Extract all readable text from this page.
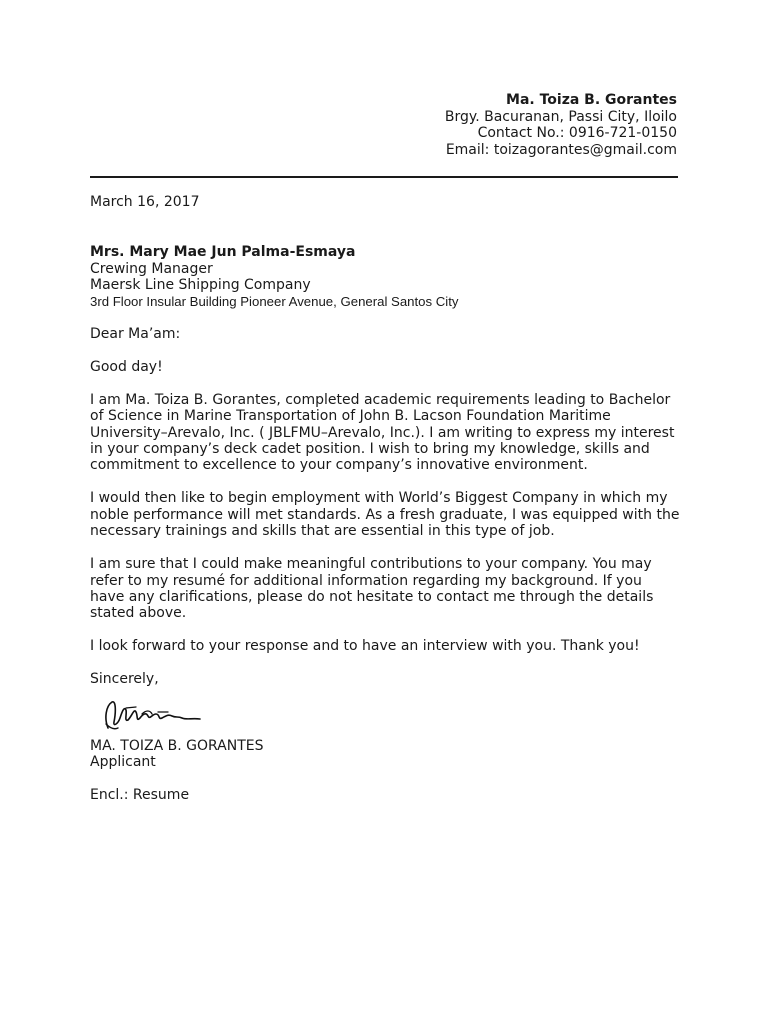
Ma. Toiza B. Gorantes
Brgy. Bacuranan, Passi City, Iloilo
Contact No.: 0916-721-0150
Email: toizagorantes@gmail.com

March 16, 2017

Mrs. Mary Mae Jun Palma-Esmaya
Crewing Manager
Maersk Line Shipping Company
3rd Floor Insular Building Pioneer Avenue, General Santos City

Dear Ma’am:

Good day!

I am Ma. Toiza B. Gorantes, completed academic requirements leading to Bachelor of Science in Marine Transportation of John B. Lacson Foundation Maritime University–Arevalo, Inc. ( JBLFMU–Arevalo, Inc.). I am writing to express my interest in your company’s deck cadet position. I wish to bring my knowledge, skills and commitment to excellence to your company’s innovative environment.

I would then like to begin employment with World’s Biggest Company in which my noble performance will met standards. As a fresh graduate, I was equipped with the necessary trainings and skills that are essential in this type of job.

I am sure that I could make meaningful contributions to your company. You may refer to my resumé for additional information regarding my background. If you have any clarifications, please do not hesitate to contact me through the details stated above.

I look forward to your response and to have an interview with you. Thank you!

Sincerely,

MA. TOIZA B. GORANTES
Applicant

Encl.: Resume
